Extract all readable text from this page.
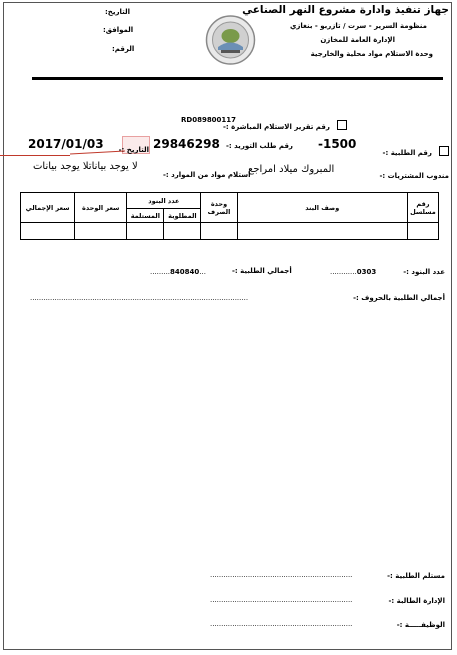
جهاز تنفيذ وادارة مشروع النهر الصناعي
منظومة السرير - سرت / تازربو - بنغازي
الإدارة العامة للمخازن
وحدة الاستلام مواد محلية والخارجية
التاريخ:
الموافق:
الرقم:
رقم تقرير الاستلام المباشرة :-
RD089800117
رقم الطلبية :-
-1500
رقم طلب التوريد :-
29846298
التاريخ :-
2017/01/03
مندوب المشتريات :-
المبروك ميلاد امراجع
استلام مواد من الموارد :-
لا يوجد بياناتلا يوجد بيانات
رقم مسلسل	وصف البند	وحدة الصرف	عدد البنود		سعر الوحدة	سعر الإجمالي
			المطلوبة	المستلمة		

عدد البنود :-
............0303
أجمالي الطلبية :-
.........840840...
أجمالي الطلبية بالحروف :-
..................................................................................................
مستلم الطلبية :-
................................................................
الإدارة الطالبة :-
................................................................
الوظيفـــــة :-
................................................................
